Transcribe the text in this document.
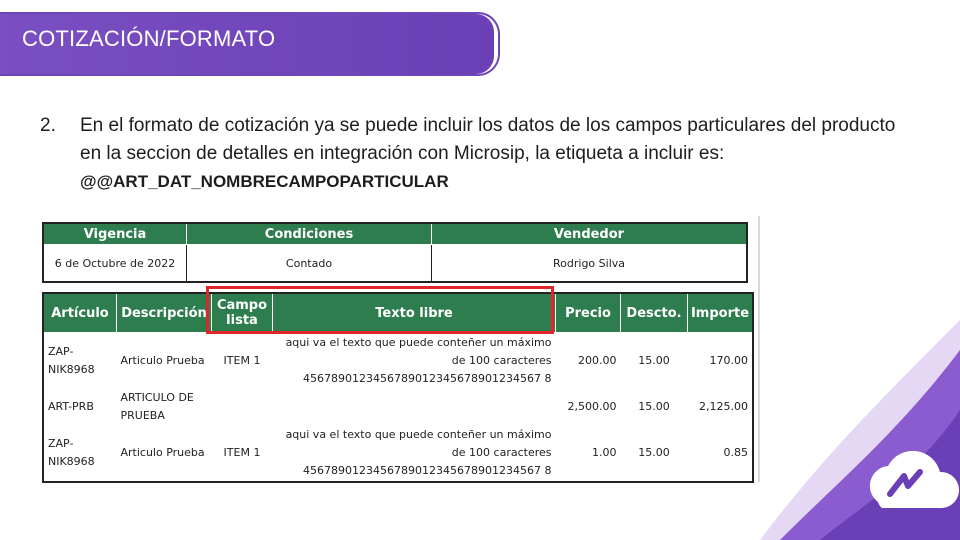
COTIZACIÓN/FORMATO
2. En el formato de cotización ya se puede incluir los datos de los campos particulares del producto en la seccion de detalles en integración con Microsip, la etiqueta a incluir es:
@@ART_DAT_NOMBRECAMPOPARTICULAR
Vigencia	Condiciones	Vendedor
6 de Octubre de 2022	Contado	Rodrigo Silva
Artículo	Descripción	Campo lista	Texto libre	Precio	Descto.	Importe
ZAP-NIK8968	Articulo Prueba	ITEM 1	aqui va el texto que puede conteñer un máximo de 100 caracteres 4567890123456789012345678901234567 8	200.00	15.00	170.00
ART-PRB	ARTICULO DE PRUEBA			2,500.00	15.00	2,125.00
ZAP-NIK8968	Articulo Prueba	ITEM 1	aqui va el texto que puede conteñer un máximo de 100 caracteres 4567890123456789012345678901234567 8	1.00	15.00	0.85
